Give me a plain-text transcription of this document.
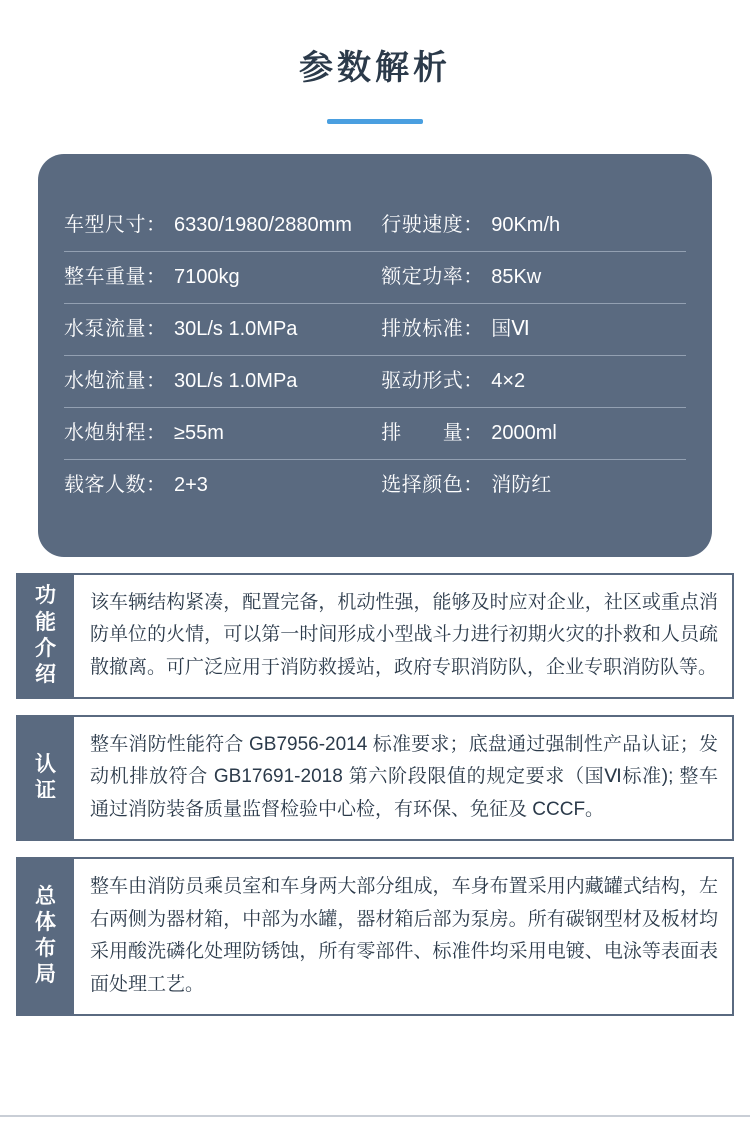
参数解析
车型尺寸 ： 6330/1980/2880mm	行驶速度 ： 90Km/h

整车重量 ： 7100kg	额定功率 ： 85Kw

水泵流量 ： 30L/s 1.0MPa	排放标准 ： 国Ⅵ

水炮流量 ： 30L/s 1.0MPa	驱动形式 ： 4×2

水炮射程 ： ≥55m	排　　量 ： 2000ml

载客人数 ： 2+3	选择颜色 ： 消防红
功能介绍

该车辆结构紧凑，配置完备，机动性强，能够及时应对企业，社区或重点消防单位的火情，可以第一时间形成小型战斗力进行初期火灾的扑救和人员疏散撤离。可广泛应用于消防救援站，政府专职消防队，企业专职消防队等。

认证

整车消防性能符合 GB7956-2014 标准要求；底盘通过强制性产品认证；发动机排放符合 GB17691-2018 第六阶段限值的规定要求（国Ⅵ标准); 整车通过消防装备质量监督检验中心检，有环保、免征及 CCCF。

总体布局

整车由消防员乘员室和车身两大部分组成，车身布置采用内藏罐式结构，左右两侧为器材箱，中部为水罐，器材箱后部为泵房。所有碳钢型材及板材均采用酸洗磷化处理防锈蚀，所有零部件、标准件均采用电镀、电泳等表面表面处理工艺。
